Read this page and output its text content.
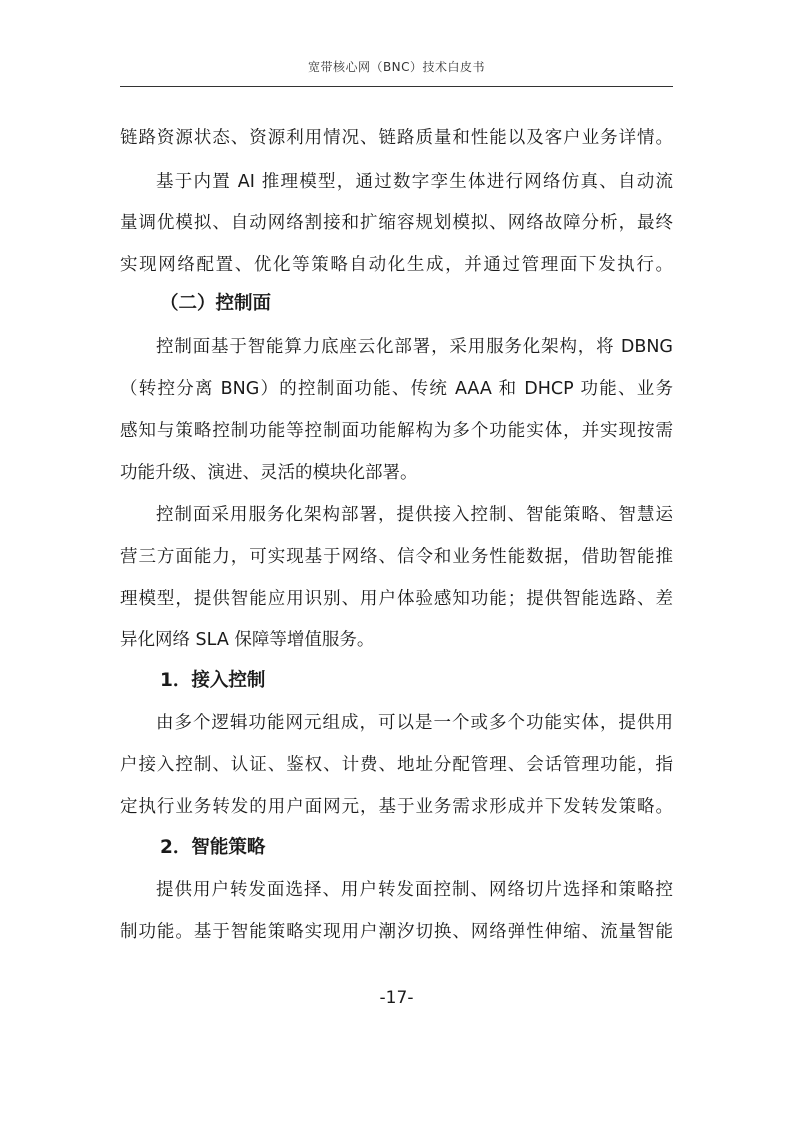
宽带核心网（BNC）技术白皮书
链路资源状态、资源利用情况、链路质量和性能以及客户业务详情。
基于内置 AI 推理模型，通过数字孪生体进行网络仿真、自动流
量调优模拟、自动网络割接和扩缩容规划模拟、网络故障分析，最终
实现网络配置、优化等策略自动化生成，并通过管理面下发执行。
（二）控制面
控制面基于智能算力底座云化部署，采用服务化架构，将 DBNG
（转控分离 BNG）的控制面功能、传统 AAA 和 DHCP 功能、业务
感知与策略控制功能等控制面功能解构为多个功能实体，并实现按需
功能升级、演进、灵活的模块化部署。
控制面采用服务化架构部署，提供接入控制、智能策略、智慧运
营三方面能力，可实现基于网络、信令和业务性能数据，借助智能推
理模型，提供智能应用识别、用户体验感知功能；提供智能选路、差
异化网络 SLA 保障等增值服务。
1．接入控制
由多个逻辑功能网元组成，可以是一个或多个功能实体，提供用
户接入控制、认证、鉴权、计费、地址分配管理、会话管理功能，指
定执行业务转发的用户面网元，基于业务需求形成并下发转发策略。
2．智能策略
提供用户转发面选择、用户转发面控制、网络切片选择和策略控
制功能。基于智能策略实现用户潮汐切换、网络弹性伸缩、流量智能
-17-
